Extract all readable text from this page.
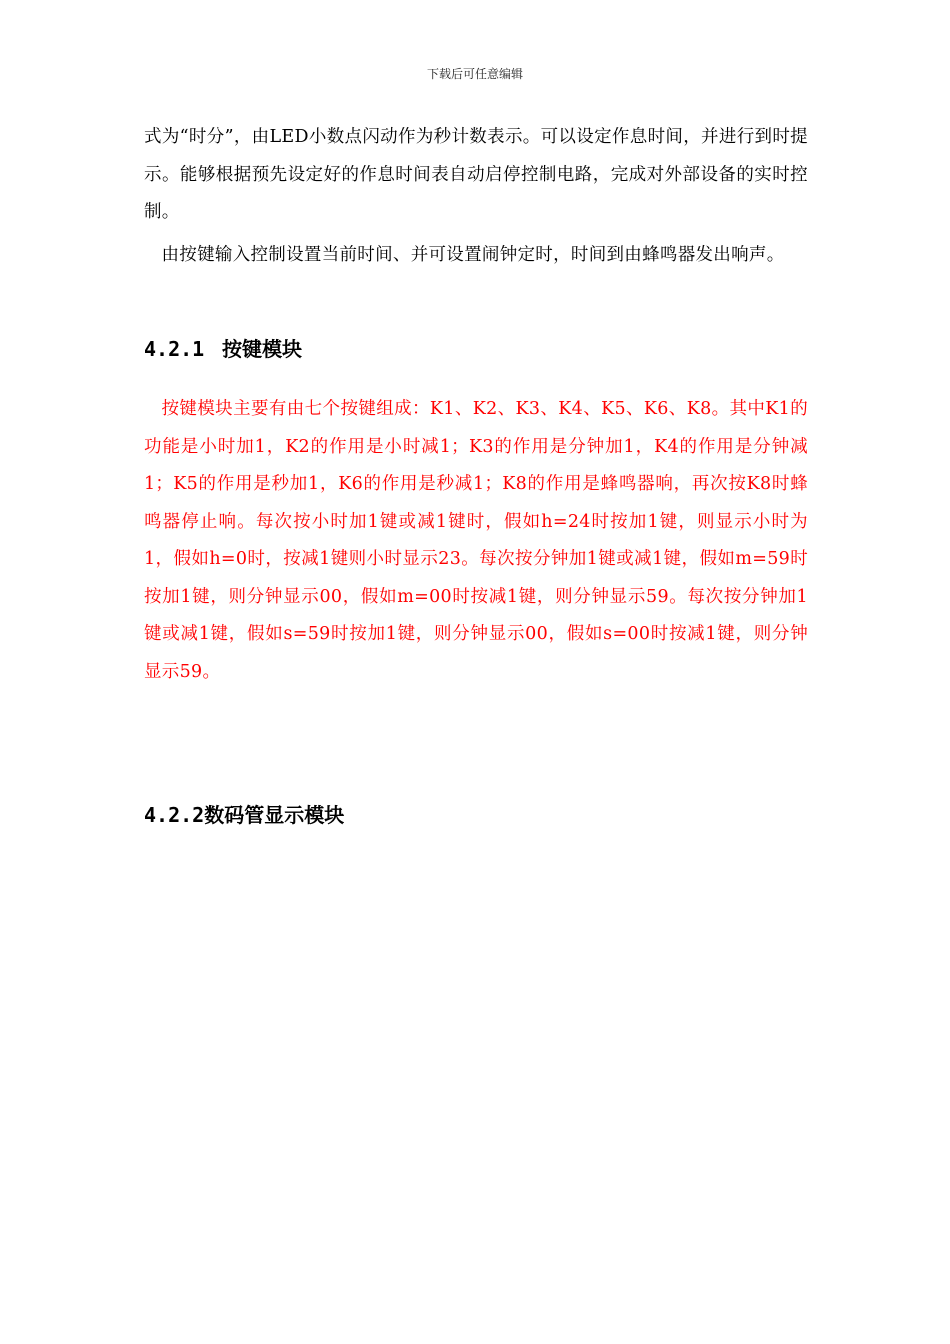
下载后可任意编辑

式为“时分”，由LED小数点闪动作为秒计数表示。可以设定作息时间，并进行到时提示。能够根据预先设定好的作息时间表自动启停控制电路，完成对外部设备的实时控制。

由按键输入控制设置当前时间、并可设置闹钟定时，时间到由蜂鸣器发出响声。

4.2.1 按键模块

按键模块主要有由七个按键组成：K1、K2、K3、K4、K5、K6、K8。其中K1的功能是小时加1，K2的作用是小时减1；K3的作用是分钟加1，K4的作用是分钟减1；K5的作用是秒加1，K6的作用是秒减1；K8的作用是蜂鸣器响，再次按K8时蜂鸣器停止响。每次按小时加1键或减1键时，假如h=24时按加1键，则显示小时为1，假如h=0时，按减1键则小时显示23。每次按分钟加1键或减1键，假如m=59时按加1键，则分钟显示00，假如m=00时按减1键，则分钟显示59。每次按分钟加1键或减1键，假如s=59时按加1键，则分钟显示00，假如s=00时按减1键，则分钟显示59。

4.2.2数码管显示模块
